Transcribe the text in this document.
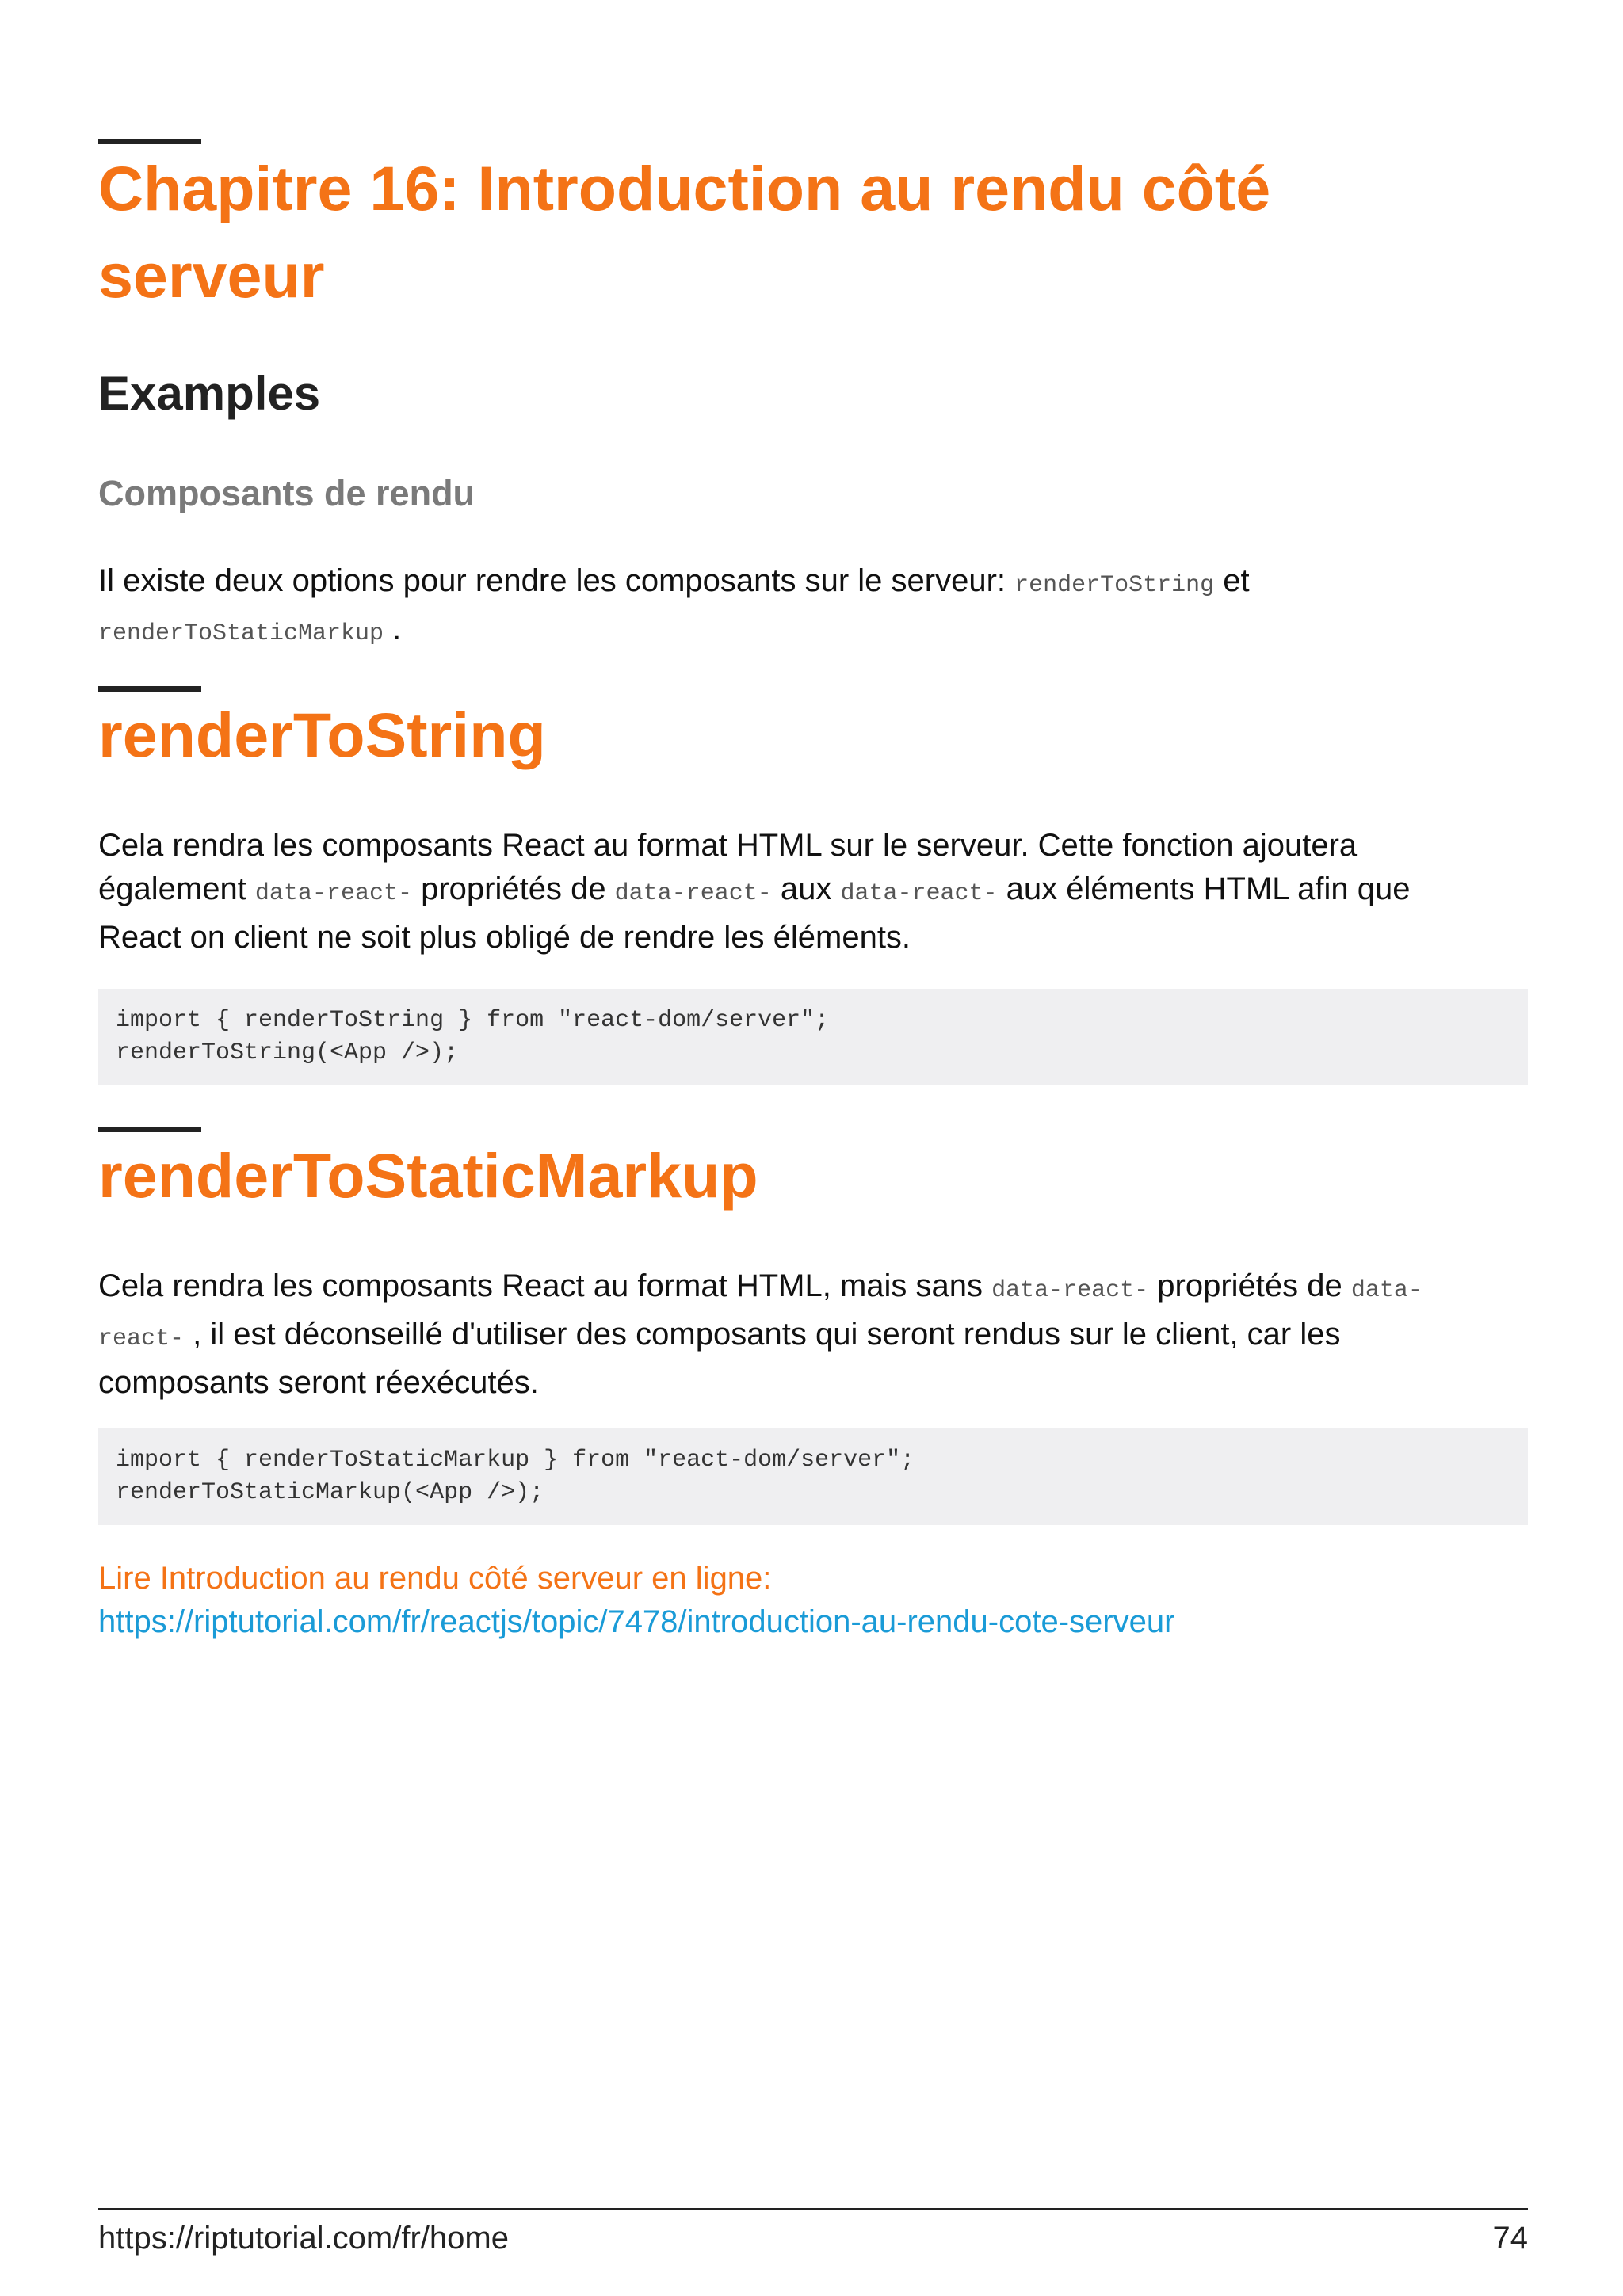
Chapitre 16: Introduction au rendu côté
serveur
Examples
Composants de rendu

Il existe deux options pour rendre les composants sur le serveur: renderToString et
renderToStaticMarkup .

renderToString

Cela rendra les composants React au format HTML sur le serveur. Cette fonction ajoutera
également data-react- propriétés de data-react- aux data-react- aux éléments HTML afin que
React on client ne soit plus obligé de rendre les éléments.

import { renderToString } from "react-dom/server";
renderToString(<App />);
renderToStaticMarkup

Cela rendra les composants React au format HTML, mais sans data-react- propriétés de data-
react- , il est déconseillé d'utiliser des composants qui seront rendus sur le client, car les
composants seront réexécutés.

import { renderToStaticMarkup } from "react-dom/server";
renderToStaticMarkup(<App />);

Lire Introduction au rendu côté serveur en ligne:
https://riptutorial.com/fr/reactjs/topic/7478/introduction-au-rendu-cote-serveur

https://riptutorial.com/fr/home	74
